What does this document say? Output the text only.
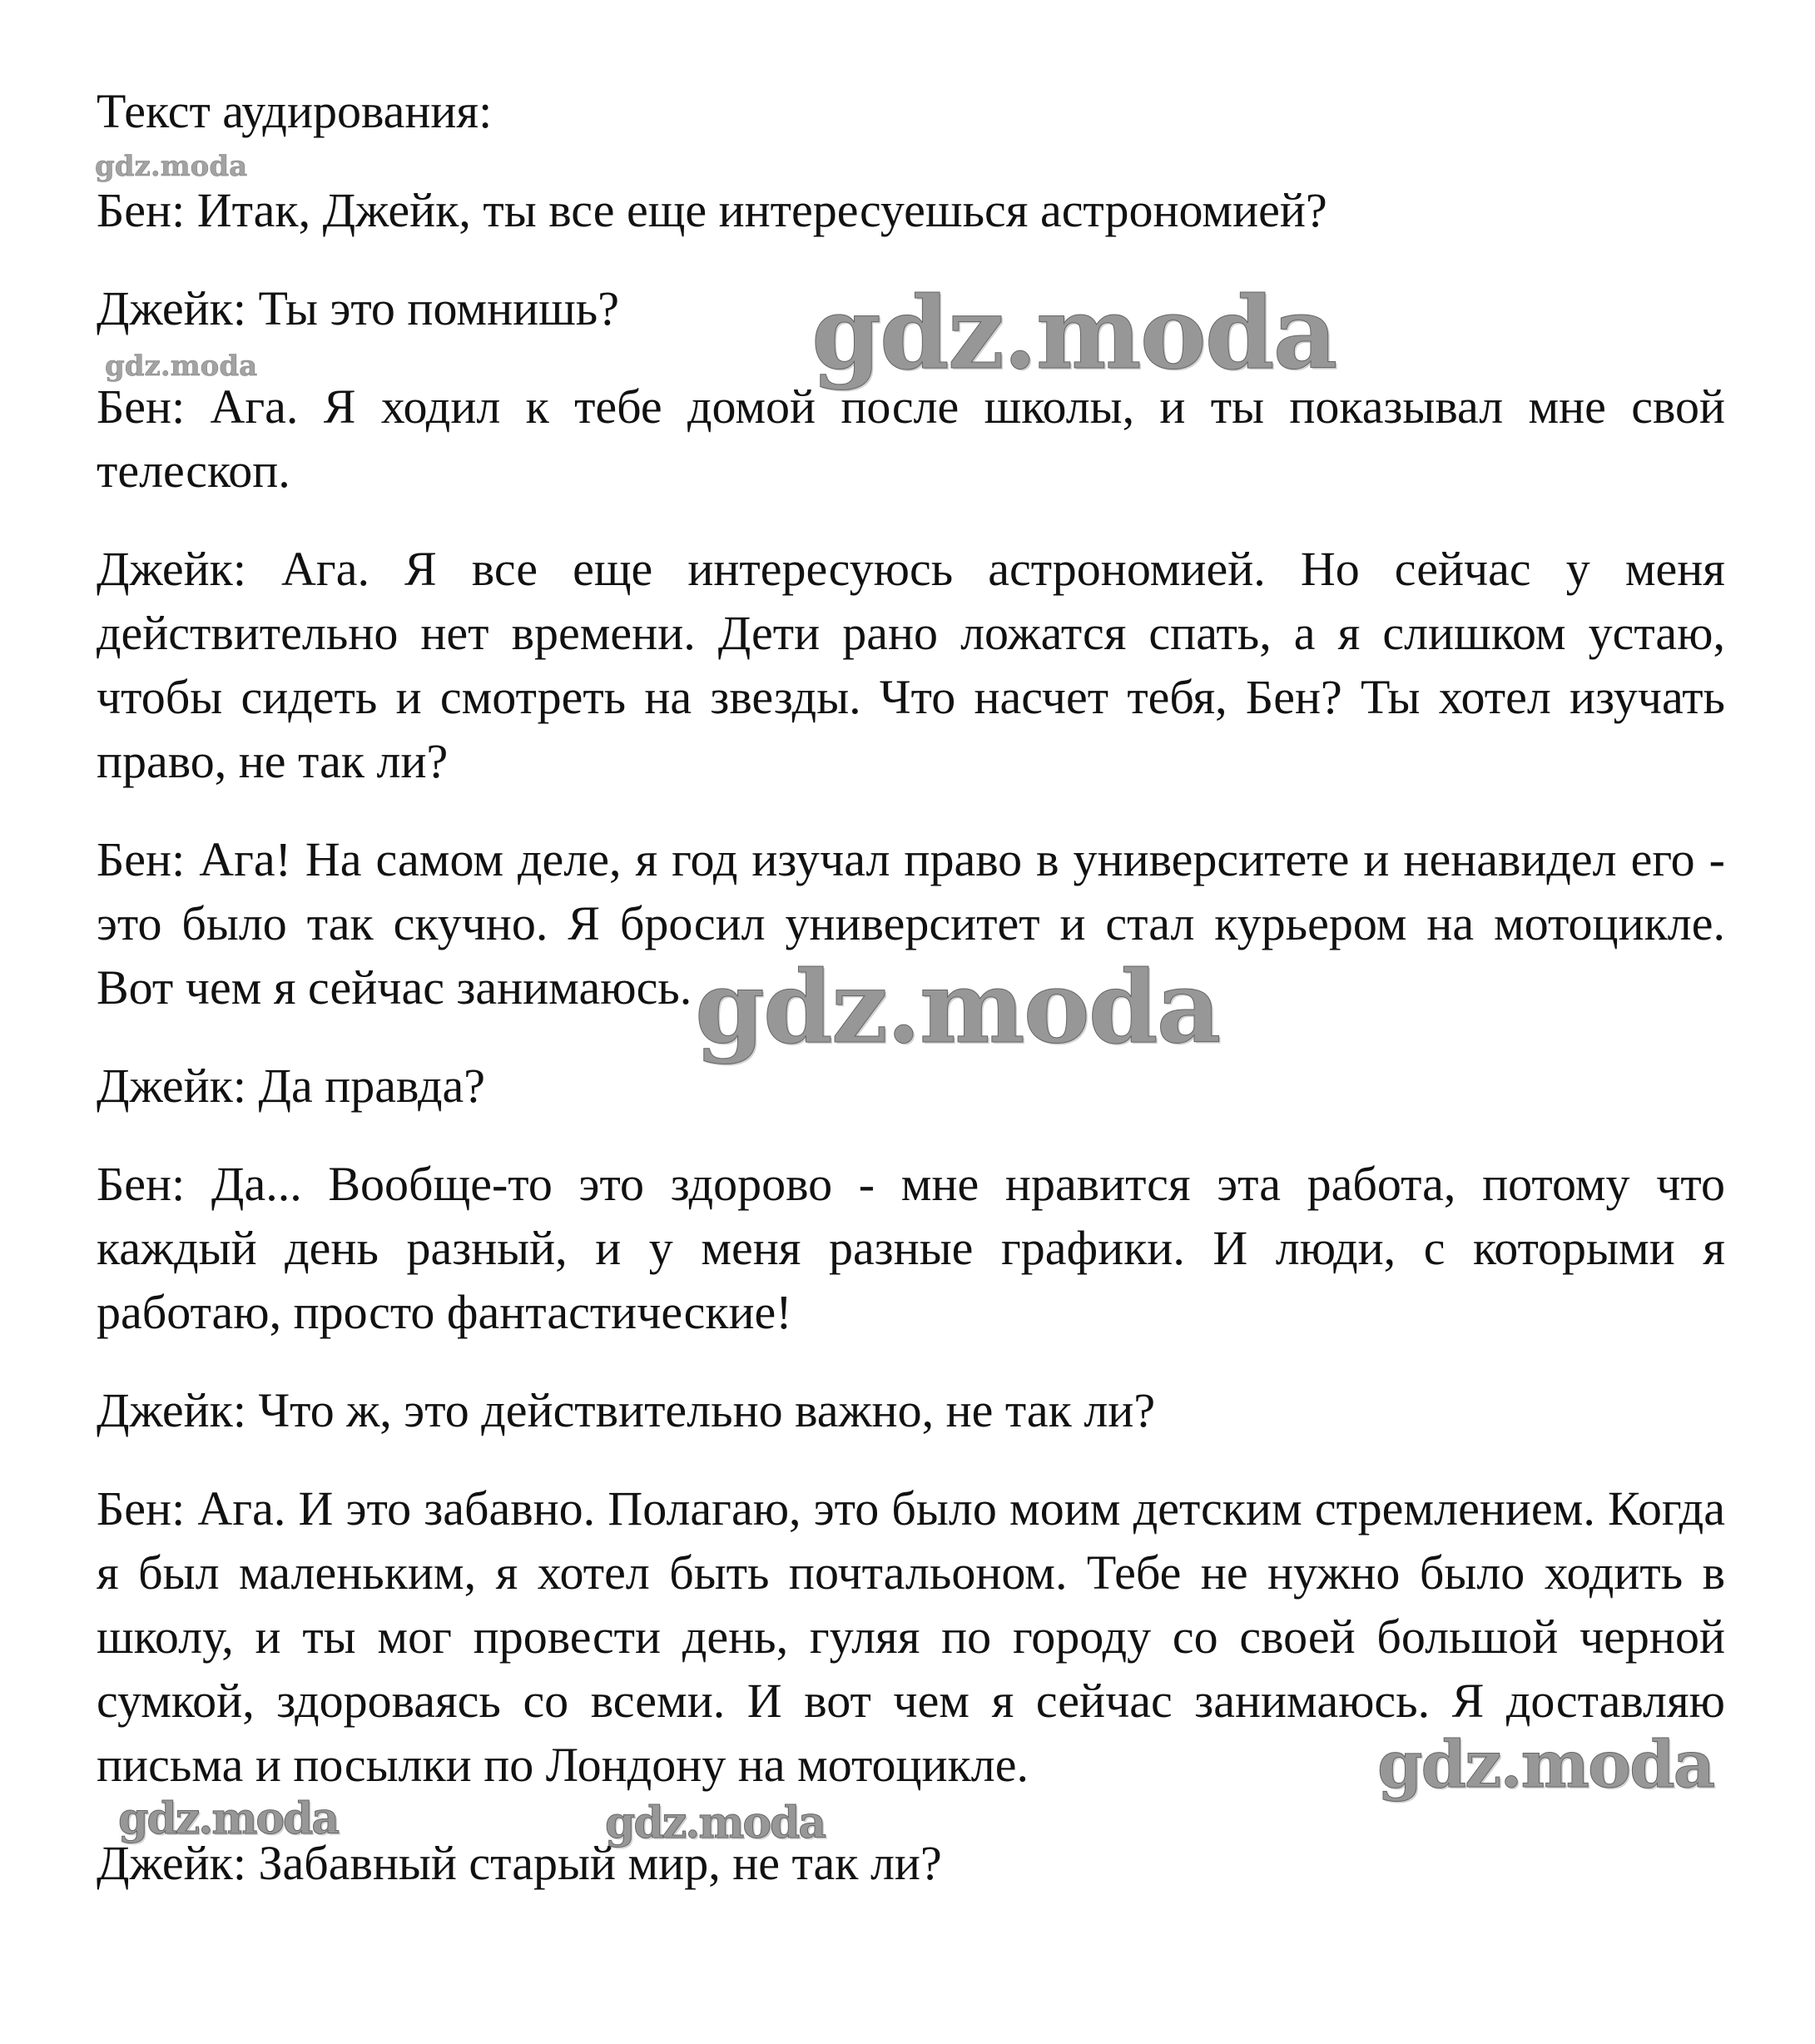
Текст аудирования:

Бен: Итак, Джейк, ты все еще интересуешься астрономией?

Джейк: Ты это помнишь?

Бен: Ага. Я ходил к тебе домой после школы, и ты показывал мне свой телескоп.

Джейк: Ага. Я все еще интересуюсь астрономией. Но сейчас у меня действительно нет времени. Дети рано ложатся спать, а я слишком устаю, чтобы сидеть и смотреть на звезды. Что насчет тебя, Бен? Ты хотел изучать право, не так ли?

Бен: Ага! На самом деле, я год изучал право в университете и ненавидел его - это было так скучно. Я бросил университет и стал курьером на мотоцикле. Вот чем я сейчас занимаюсь.

Джейк: Да правда?

Бен: Да... Вообще-то это здорово - мне нравится эта работа, потому что каждый день разный, и у меня разные графики. И люди, с которыми я работаю, просто фантастические!

Джейк: Что ж, это действительно важно, не так ли?

Бен: Ага. И это забавно. Полагаю, это было моим детским стремлением. Когда я был маленьким, я хотел быть почтальоном. Тебе не нужно было ходить в школу, и ты мог провести день, гуляя по городу со своей большой черной сумкой, здороваясь со всеми. И вот чем я сейчас занимаюсь. Я доставляю письма и посылки по Лондону на мотоцикле.

Джейк: Забавный старый мир, не так ли?

gdz.moda
gdz.moda
gdz.moda
gdz.moda
gdz.moda
gdz.moda	gdz.moda
